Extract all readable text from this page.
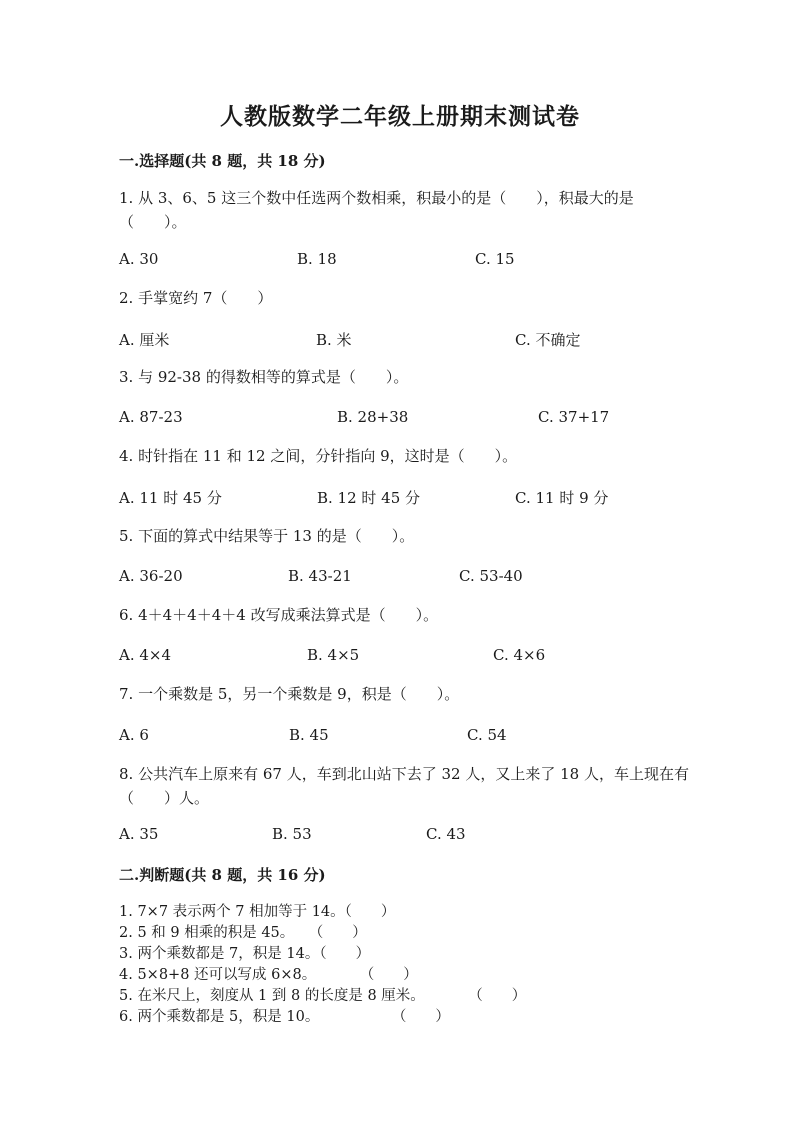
人教版数学二年级上册期末测试卷
一.选择题(共 8 题，共 18 分)
1. 从 3、6、5 这三个数中任选两个数相乘，积最小的是（　　），积最大的是（　　）。
A. 30	B. 18	C. 15
2. 手掌宽约 7（　　）
A. 厘米	B. 米	C. 不确定
3. 与 92-38 的得数相等的算式是（　　）。
A. 87-23	B. 28+38	C. 37+17
4. 时针指在 11 和 12 之间，分针指向 9，这时是（　　）。
A. 11 时 45 分	B. 12 时 45 分	C. 11 时 9 分
5. 下面的算式中结果等于 13 的是（　　）。
A. 36-20	B. 43-21	C. 53-40
6. 4＋4＋4＋4＋4 改写成乘法算式是（　　）。
A. 4×4	B. 4×5	C. 4×6
7. 一个乘数是 5，另一个乘数是 9，积是（　　）。
A. 6	B. 45	C. 54
8. 公共汽车上原来有 67 人，车到北山站下去了 32 人，又上来了 18 人，车上现在有（　　）人。
A. 35	B. 53	C. 43
二.判断题(共 8 题，共 16 分)
1. 7×7 表示两个 7 相加等于 14。（　　）
2. 5 和 9 相乘的积是 45。　　（　　）
3. 两个乘数都是 7，积是 14。（　　）
4. 5×8+8 还可以写成 6×8。　　　　（　　）
5. 在米尺上，刻度从 1 到 8 的长度是 8 厘米。　　　　（　　）
6. 两个乘数都是 5，积是 10。　　　　　　（　　）
